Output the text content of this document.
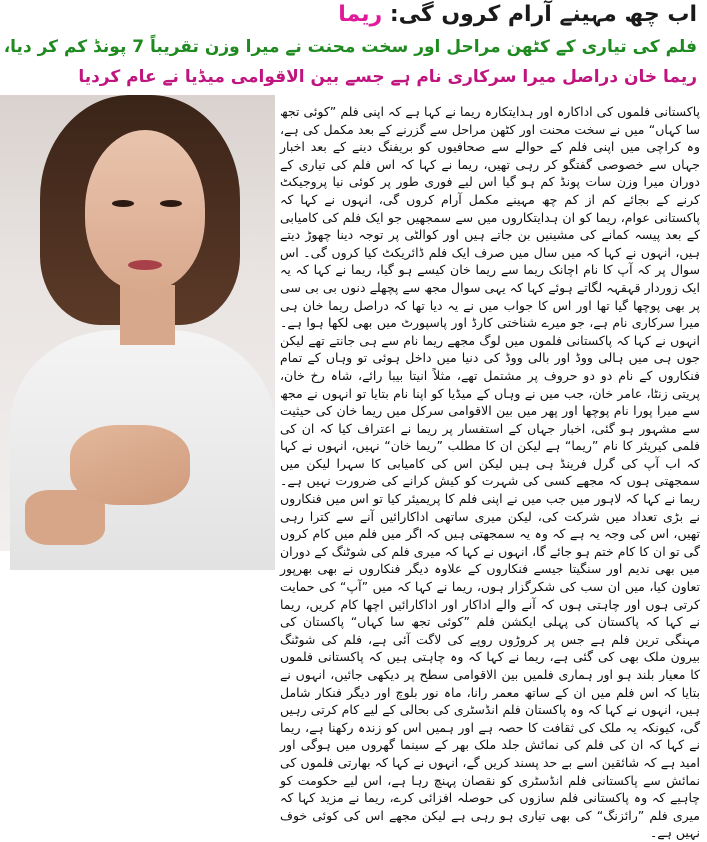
اب چھ مہینے آرام کروں گی: ریما
فلم کی تیاری کے کٹھن مراحل اور سخت محنت نے میرا وزن تقریباً 7 پونڈ کم کر دیا،
ریما خان دراصل میرا سرکاری نام ہے جسے بین الاقوامی میڈیا نے عام کردیا

پاکستانی فلموں کی اداکارہ اور ہدایتکارہ ریما نے کہا ہے کہ اپنی فلم ”کوئی تجھ سا کہاں“ میں نے سخت محنت اور کٹھن مراحل سے گزرنے کے بعد مکمل کی ہے، وہ کراچی میں اپنی فلم کے حوالے سے صحافیوں کو بریفنگ دینے کے بعد اخبار جہاں سے خصوصی گفتگو کر رہی تھیں، ریما نے کہا کہ اس فلم کی تیاری کے دوران میرا وزن سات پونڈ کم ہو گیا اس لیے فوری طور پر کوئی نیا پروجیکٹ کرنے کے بجائے کم از کم چھ مہینے مکمل آرام کروں گی، انہوں نے کہا کہ پاکستانی عوام، ریما کو ان ہدایتکاروں میں سے سمجھیں جو ایک فلم کی کامیابی کے بعد پیسہ کمانے کی مشینیں بن جاتے ہیں اور کوالٹی پر توجہ دینا چھوڑ دیتے ہیں، انہوں نے کہا کہ میں سال میں صرف ایک فلم ڈائریکٹ کیا کروں گی۔ اس سوال پر کہ آپ کا نام اچانک ریما سے ریما خان کیسے ہو گیا، ریما نے کہا کہ یہ ایک زوردار قہقہہ لگاتے ہوئے کہا کہ یہی سوال مجھ سے پچھلے دنوں بی بی سی پر بھی پوچھا گیا تھا اور اس کا جواب میں نے یہ دیا تھا کہ دراصل ریما خان ہی میرا سرکاری نام ہے، جو میرے شناختی کارڈ اور پاسپورٹ میں بھی لکھا ہوا ہے۔ انہوں نے کہا کہ پاکستانی فلموں میں لوگ مجھے ریما نام سے ہی جانتے تھے لیکن جوں ہی میں ہالی ووڈ اور بالی ووڈ کی دنیا میں داخل ہوئی تو وہاں کے تمام فنکاروں کے نام دو دو حروف پر مشتمل تھے، مثلاً انیتا بیبا رائے، شاہ رخ خان، پریتی زنٹا، عامر خان، جب میں نے وہاں کے میڈیا کو اپنا نام بتایا تو انہوں نے مجھ سے میرا پورا نام پوچھا اور پھر میں بین الاقوامی سرکل میں ریما خان کی حیثیت سے مشہور ہو گئی، اخبار جہاں کے استفسار پر ریما نے اعتراف کیا کہ ان کی فلمی کیریئر کا نام ”ریما“ ہے لیکن ان کا مطلب ”ریما خان“ نہیں، انہوں نے کہا کہ اب آپ کی گرل فرینڈ ہی ہیں لیکن اس کی کامیابی کا سہرا لیکن میں سمجھتی ہوں کہ مجھے کسی کی شہرت کو کیش کرانے کی ضرورت نہیں ہے۔ ریما نے کہا کہ لاہور میں جب میں نے اپنی فلم کا پریمیئر کیا تو اس میں فنکاروں نے بڑی تعداد میں شرکت کی، لیکن میری ساتھی اداکارائیں آنے سے کترا رہی تھیں، اس کی وجہ یہ ہے کہ وہ یہ سمجھتی ہیں کہ اگر میں فلم میں کام کروں گی تو ان کا کام ختم ہو جائے گا، انہوں نے کہا کہ میری فلم کی شوٹنگ کے دوران میں بھی ندیم اور سنگیتا جیسے فنکاروں کے علاوہ دیگر فنکاروں نے بھی بھرپور تعاون کیا، میں ان سب کی شکرگزار ہوں، ریما نے کہا کہ میں ”آپ“ کی حمایت کرتی ہوں اور چاہتی ہوں کہ آنے والے اداکار اور اداکارائیں اچھا کام کریں، ریما نے کہا کہ پاکستان کی پہلی ایکشن فلم ”کوئی تجھ سا کہاں“ پاکستان کی مہنگی ترین فلم ہے جس پر کروڑوں روپے کی لاگت آئی ہے، فلم کی شوٹنگ بیرون ملک بھی کی گئی ہے، ریما نے کہا کہ وہ چاہتی ہیں کہ پاکستانی فلموں کا معیار بلند ہو اور ہماری فلمیں بین الاقوامی سطح پر دیکھی جائیں، انہوں نے بتایا کہ اس فلم میں ان کے ساتھ معمر رانا، ماہ نور بلوچ اور دیگر فنکار شامل ہیں، انہوں نے کہا کہ وہ پاکستان فلم انڈسٹری کی بحالی کے لیے کام کرتی رہیں گی، کیونکہ یہ ملک کی ثقافت کا حصہ ہے اور ہمیں اس کو زندہ رکھنا ہے، ریما نے کہا کہ ان کی فلم کی نمائش جلد ملک بھر کے سینما گھروں میں ہوگی اور امید ہے کہ شائقین اسے بے حد پسند کریں گے، انہوں نے کہا کہ بھارتی فلموں کی نمائش سے پاکستانی فلم انڈسٹری کو نقصان پہنچ رہا ہے، اس لیے حکومت کو چاہیے کہ وہ پاکستانی فلم سازوں کی حوصلہ افزائی کرے، ریما نے مزید کہا کہ میری فلم ”رائزنگ“ کی بھی تیاری ہو رہی ہے لیکن مجھے اس کی کوئی خوف نہیں ہے۔
